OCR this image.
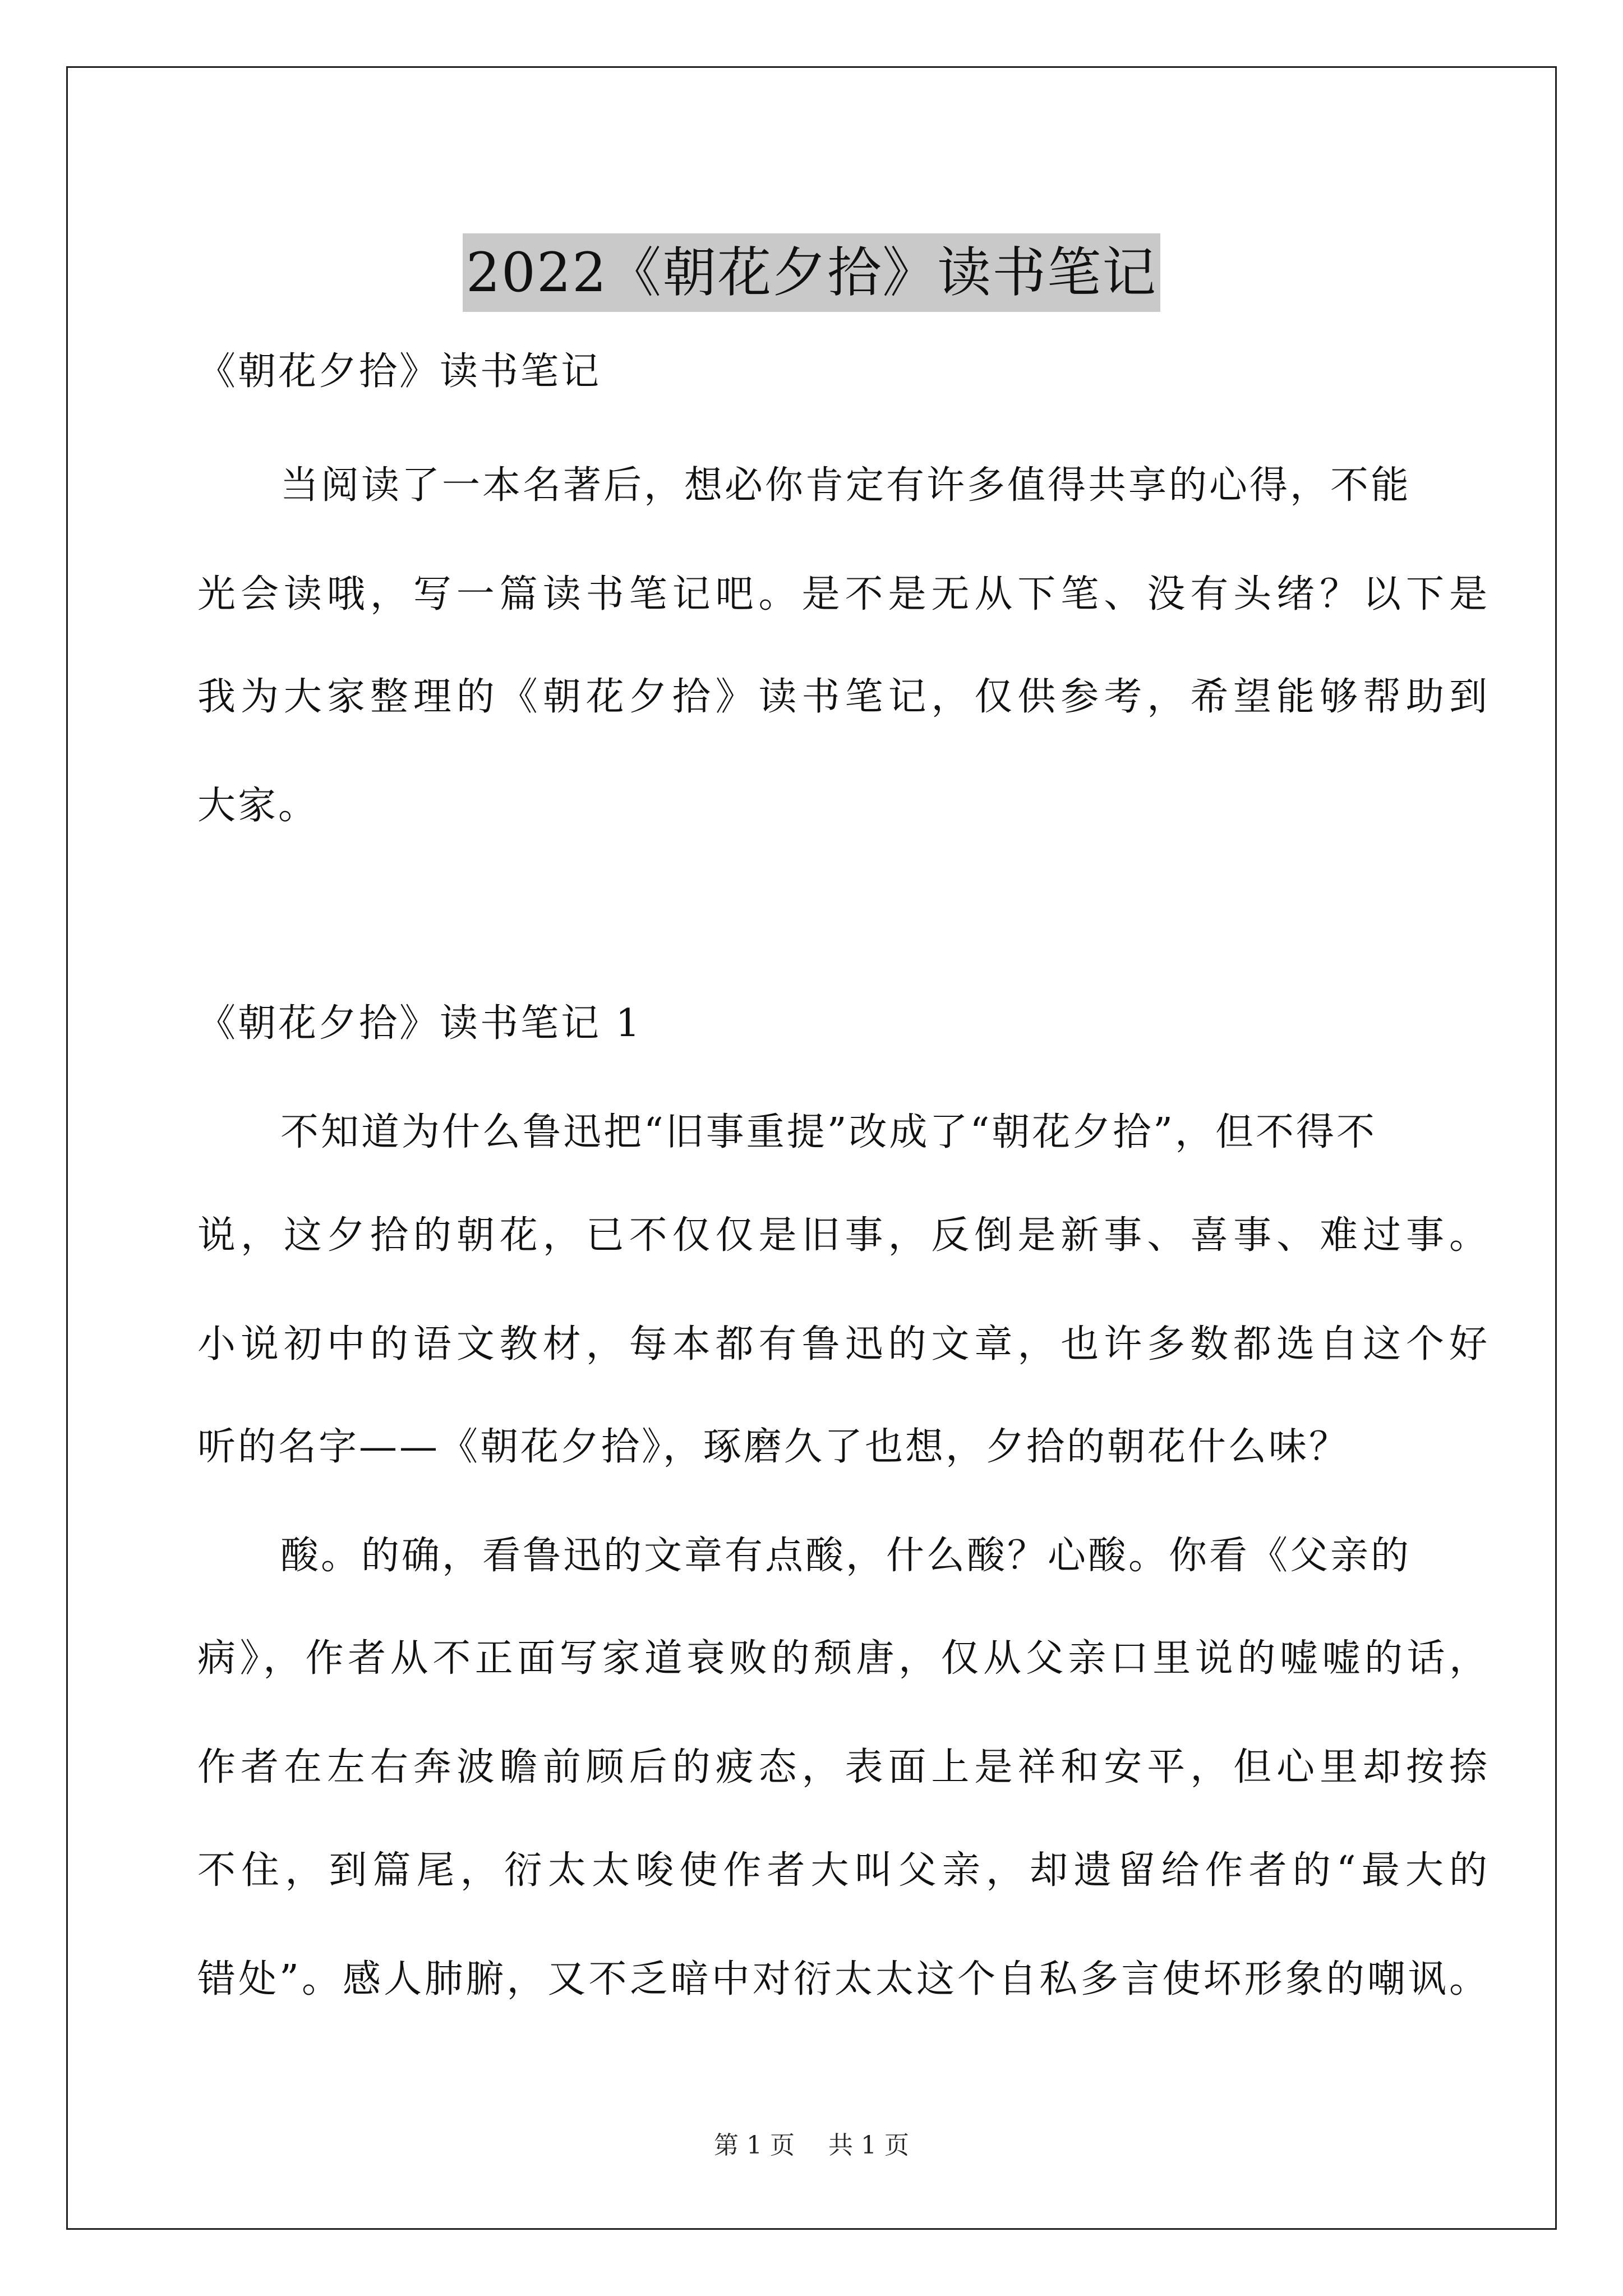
2022《朝花夕拾》读书笔记
《朝花夕拾》读书笔记
当阅读了一本名著后，想必你肯定有许多值得共享的心得，不能
光会读哦，写一篇读书笔记吧。是不是无从下笔、没有头绪？以下是
我为大家整理的《朝花夕拾》读书笔记，仅供参考，希望能够帮助到
大家。
《朝花夕拾》读书笔记 1
不知道为什么鲁迅把“旧事重提”改成了“朝花夕拾”，但不得不
说，这夕拾的朝花，已不仅仅是旧事，反倒是新事、喜事、难过事。
小说初中的语文教材，每本都有鲁迅的文章，也许多数都选自这个好
听的名字——《朝花夕拾》，琢磨久了也想，夕拾的朝花什么味？
酸。的确，看鲁迅的文章有点酸，什么酸？心酸。你看《父亲的
病》，作者从不正面写家道衰败的颓唐，仅从父亲口里说的嘘嘘的话，
作者在左右奔波瞻前顾后的疲态，表面上是祥和安平，但心里却按捺
不住，到篇尾，衍太太唆使作者大叫父亲，却遗留给作者的“最大的
错处”。感人肺腑，又不乏暗中对衍太太这个自私多言使坏形象的嘲讽。
第 1 页 共 1 页
